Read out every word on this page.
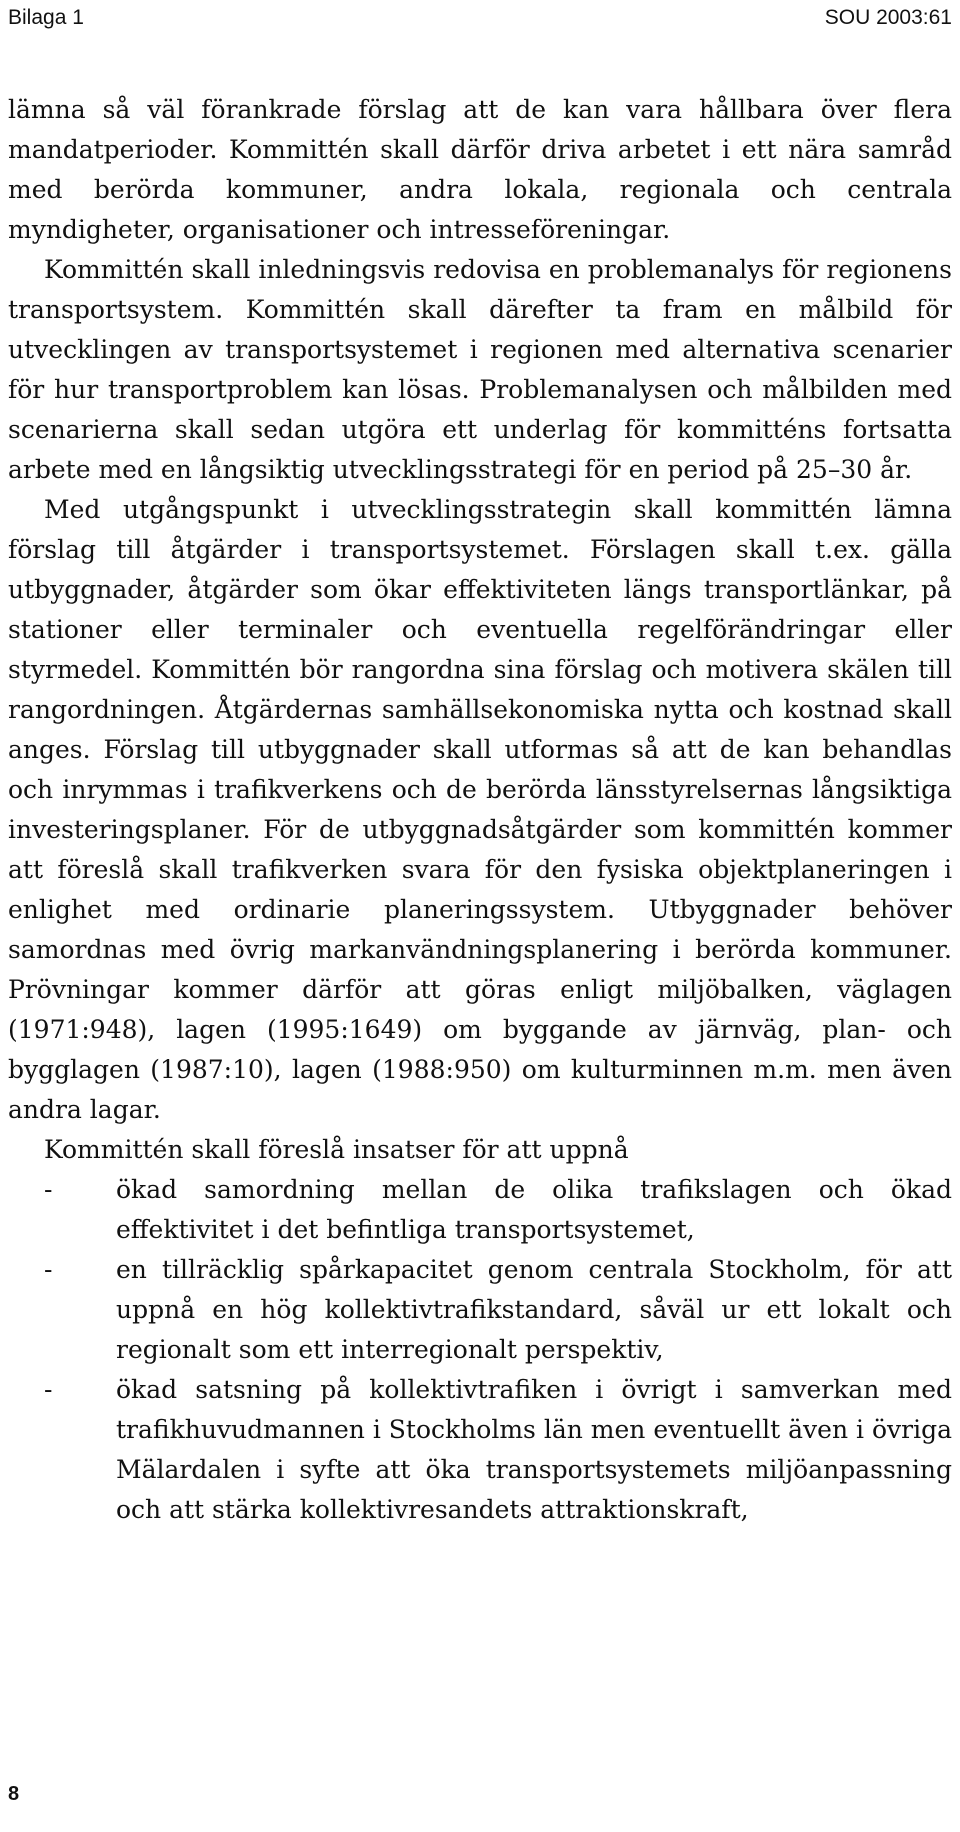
Bilaga 1	SOU 2003:61

lämna så väl förankrade förslag att de kan vara hållbara över flera mandatperioder. Kommittén skall därför driva arbetet i ett nära samråd med berörda kommuner, andra lokala, regionala och centrala myndigheter, organisationer och intresseföreningar.

Kommittén skall inledningsvis redovisa en problemanalys för regionens transportsystem. Kommittén skall därefter ta fram en målbild för utvecklingen av transportsystemet i regionen med alternativa scenarier för hur transportproblem kan lösas. Problemanalysen och målbilden med scenarierna skall sedan utgöra ett underlag för kommitténs fortsatta arbete med en långsiktig utvecklingsstrategi för en period på 25–30 år.

Med utgångspunkt i utvecklingsstrategin skall kommittén lämna förslag till åtgärder i transportsystemet. Förslagen skall t.ex. gälla utbyggnader, åtgärder som ökar effektiviteten längs transportlänkar, på stationer eller terminaler och eventuella regelförändringar eller styrmedel. Kommittén bör rangordna sina förslag och motivera skälen till rangordningen. Åtgärdernas samhällsekonomiska nytta och kostnad skall anges. Förslag till utbyggnader skall utformas så att de kan behandlas och inrymmas i trafikverkens och de berörda länsstyrelsernas långsiktiga investeringsplaner. För de utbyggnadsåtgärder som kommittén kommer att föreslå skall trafikverken svara för den fysiska objektplaneringen i enlighet med ordinarie planeringssystem. Utbyggnader behöver samordnas med övrig markanvändningsplanering i berörda kommuner. Prövningar kommer därför att göras enligt miljöbalken, väglagen (1971:948), lagen (1995:1649) om byggande av järnväg, plan- och bygglagen (1987:10), lagen (1988:950) om kulturminnen m.m. men även andra lagar.

Kommittén skall föreslå insatser för att uppnå

-	ökad samordning mellan de olika trafikslagen och ökad effektivitet i det befintliga transportsystemet,
-	en tillräcklig spårkapacitet genom centrala Stockholm, för att uppnå en hög kollektivtrafikstandard, såväl ur ett lokalt och regionalt som ett interregionalt perspektiv,
-	ökad satsning på kollektivtrafiken i övrigt i samverkan med trafikhuvudmannen i Stockholms län men eventuellt även i övriga Mälardalen i syfte att öka transportsystemets miljöanpassning och att stärka kollektivresandets attraktionskraft,
8
